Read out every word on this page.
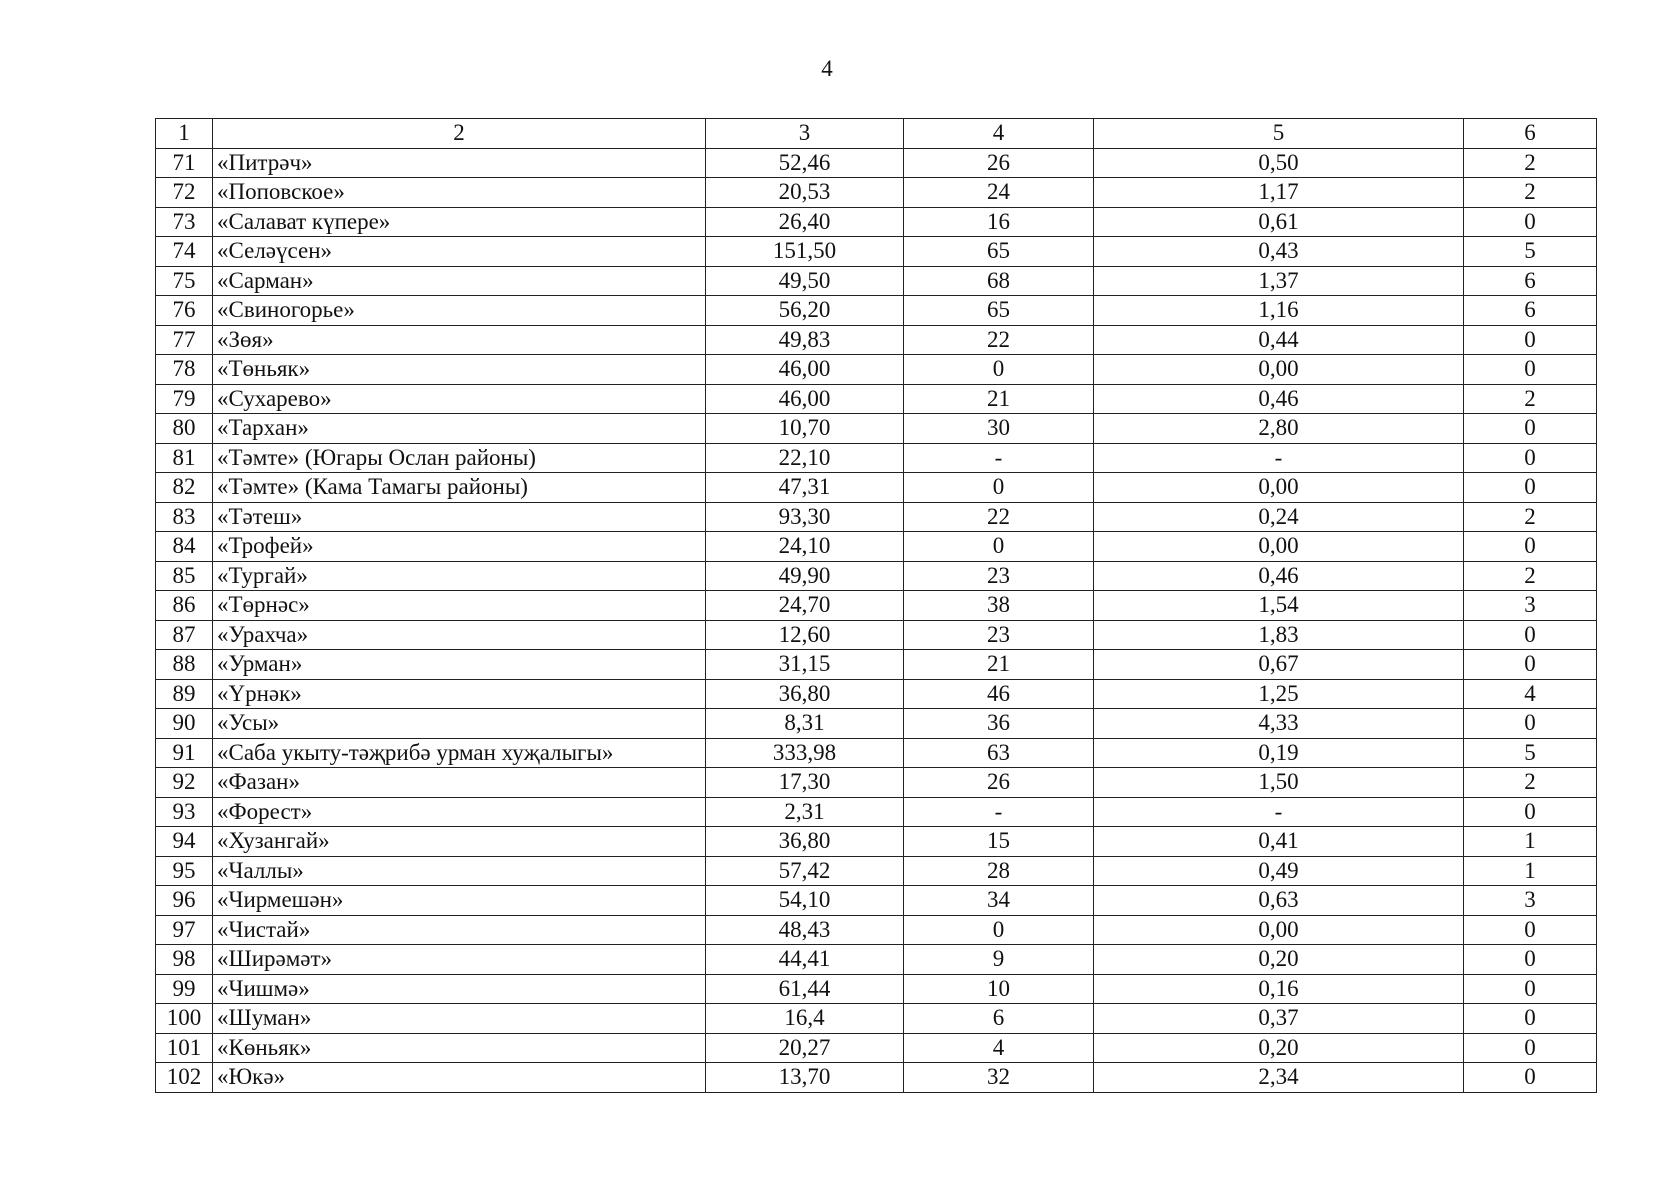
4
1	2	3	4	5	6
71	«Питрәч»	52,46	26	0,50	2
72	«Поповское»	20,53	24	1,17	2
73	«Салават күпере»	26,40	16	0,61	0
74	«Селәүсен»	151,50	65	0,43	5
75	«Сарман»	49,50	68	1,37	6
76	«Свиногорье»	56,20	65	1,16	6
77	«Зөя»	49,83	22	0,44	0
78	«Төньяк»	46,00	0	0,00	0
79	«Сухарево»	46,00	21	0,46	2
80	«Тархан»	10,70	30	2,80	0
81	«Тәмте» (Югары Ослан районы)	22,10	-	-	0
82	«Тәмте» (Кама Тамагы районы)	47,31	0	0,00	0
83	«Тәтеш»	93,30	22	0,24	2
84	«Трофей»	24,10	0	0,00	0
85	«Тургай»	49,90	23	0,46	2
86	«Төрнәс»	24,70	38	1,54	3
87	«Урахча»	12,60	23	1,83	0
88	«Урман»	31,15	21	0,67	0
89	«Үрнәк»	36,80	46	1,25	4
90	«Усы»	8,31	36	4,33	0
91	«Саба укыту-тәҗрибә урман хуҗалыгы»	333,98	63	0,19	5
92	«Фазан»	17,30	26	1,50	2
93	«Форест»	2,31	-	-	0
94	«Хузангай»	36,80	15	0,41	1
95	«Чаллы»	57,42	28	0,49	1
96	«Чирмешән»	54,10	34	0,63	3
97	«Чистай»	48,43	0	0,00	0
98	«Ширәмәт»	44,41	9	0,20	0
99	«Чишмә»	61,44	10	0,16	0
100	«Шуман»	16,4	6	0,37	0
101	«Көньяк»	20,27	4	0,20	0
102	«Юкә»	13,70	32	2,34	0
